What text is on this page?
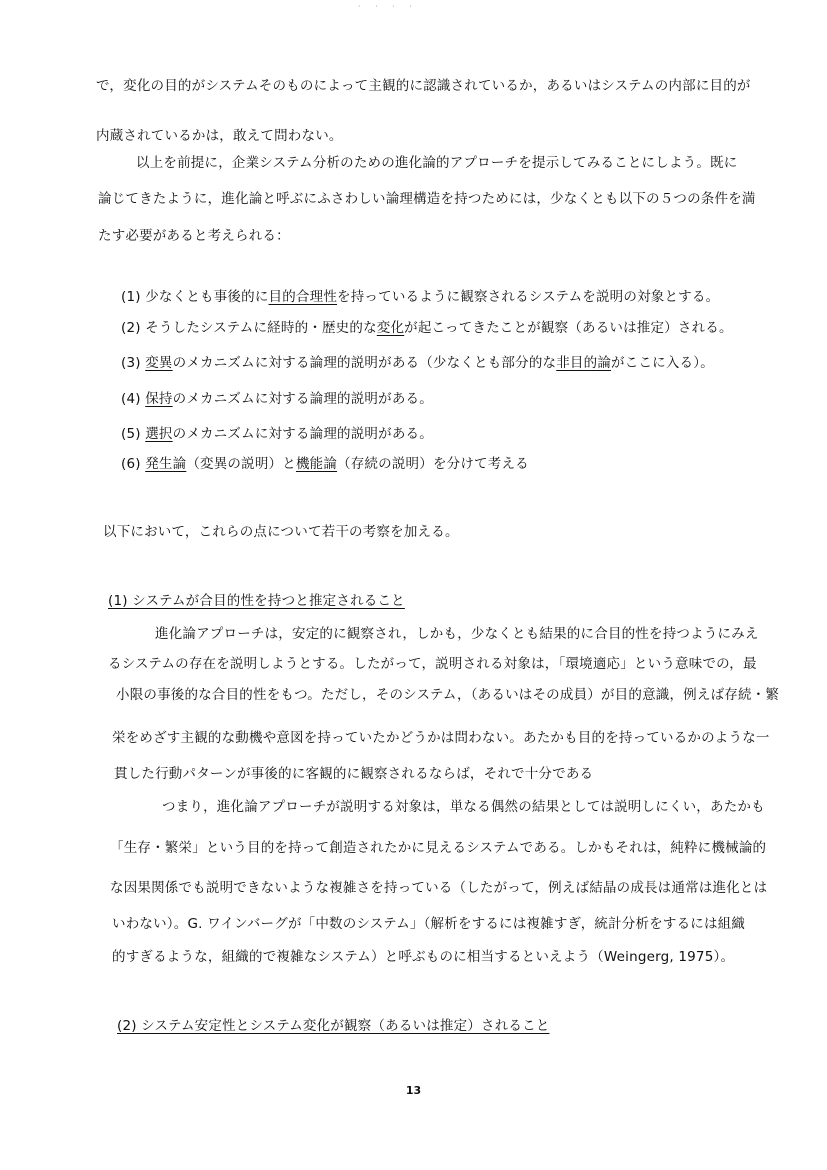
· · · ·
で，変化の目的がシステムそのものによって主観的に認識されているか，あるいはシステムの内部に目的が
内蔵されているかは，敢えて問わない。
以上を前提に，企業システム分析のための進化論的アプローチを提示してみることにしよう。既に
論じてきたように，進化論と呼ぶにふさわしい論理構造を持つためには，少なくとも以下の５つの条件を満
たす必要があると考えられる：
(1) 少なくとも事後的に目的合理性を持っているように観察されるシステムを説明の対象とする。
(2) そうしたシステムに経時的・歴史的な変化が起こってきたことが観察（あるいは推定）される。
(3) 変異のメカニズムに対する論理的説明がある（少なくとも部分的な非目的論がここに入る）。
(4) 保持のメカニズムに対する論理的説明がある。
(5) 選択のメカニズムに対する論理的説明がある。
(6) 発生論（変異の説明）と機能論（存続の説明）を分けて考える
以下において，これらの点について若干の考察を加える。
(1) システムが合目的性を持つと推定されること
進化論アプローチは，安定的に観察され，しかも，少なくとも結果的に合目的性を持つようにみえ
るシステムの存在を説明しようとする。したがって，説明される対象は，「環境適応」という意味での，最
小限の事後的な合目的性をもつ。ただし，そのシステム，（あるいはその成員）が目的意識，例えば存続・繁
栄をめざす主観的な動機や意図を持っていたかどうかは問わない。あたかも目的を持っているかのような一
貫した行動パターンが事後的に客観的に観察されるならば，それで十分である
つまり，進化論アプローチが説明する対象は，単なる偶然の結果としては説明しにくい，あたかも
「生存・繁栄」という目的を持って創造されたかに見えるシステムである。しかもそれは，純粋に機械論的
な因果関係でも説明できないような複雑さを持っている（したがって，例えば結晶の成長は通常は進化とは
いわない）。G. ワインバーグが「中数のシステム」（解析をするには複雑すぎ，統計分析をするには組織
的すぎるような，組織的で複雑なシステム）と呼ぶものに相当するといえよう（Weingerg, 1975）。
(2) システム安定性とシステム変化が観察（あるいは推定）されること
13
